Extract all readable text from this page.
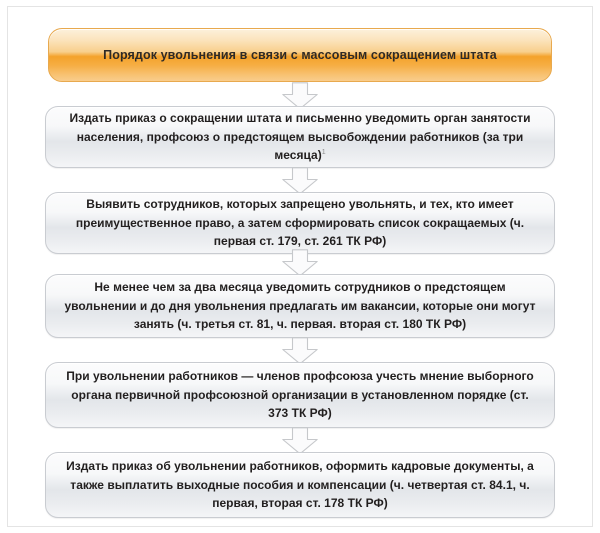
Порядок увольнения в связи с массовым сокращением штата
Издать приказ о сокращении штата и письменно уведомить орган занятости населения, профсоюз о предстоящем высвобождении работников (за три месяца)$^1$
Выявить сотрудников, которых запрещено увольнять, и тех, кто имеет преимущественное право, а затем сформировать список сокращаемых (ч. первая ст. 179, ст. 261 ТК РФ)
Не менее чем за два месяца уведомить сотрудников о предстоящем увольнении и до дня увольнения предлагать им вакансии, которые они могут занять (ч. третья ст. 81, ч. первая. вторая ст. 180 ТК РФ)
При увольнении работников — членов профсоюза учесть мнение выборного органа первичной профсоюзной организации в установленном порядке (ст. 373 ТК РФ)
Издать приказ об увольнении работников, оформить кадровые документы, а также выплатить выходные пособия и компенсации (ч. четвертая ст. 84.1, ч. первая, вторая ст. 178 ТК РФ)
